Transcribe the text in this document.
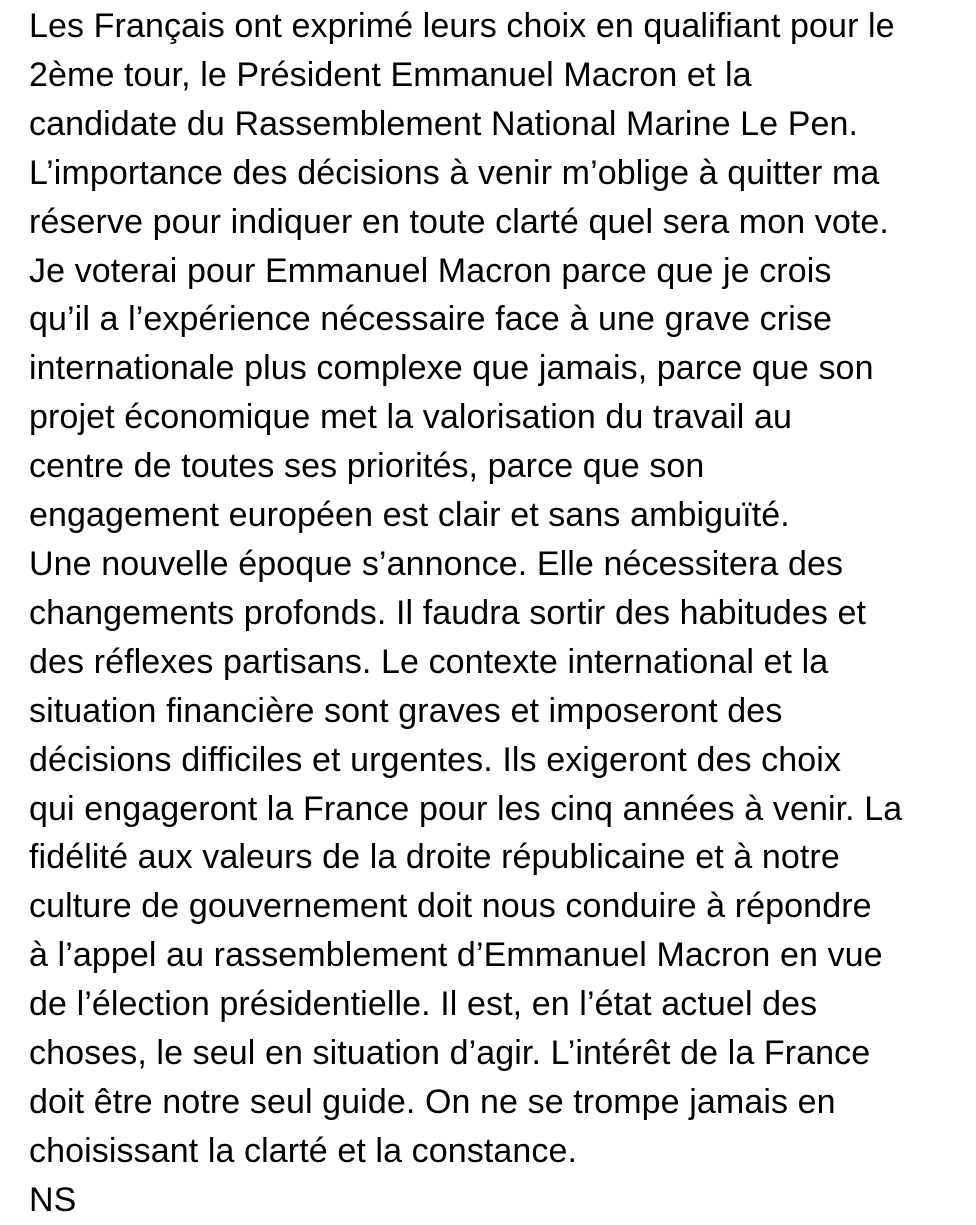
Les Français ont exprimé leurs choix en qualifiant pour le
2ème tour, le Président Emmanuel Macron et la
candidate du Rassemblement National Marine Le Pen.
L’importance des décisions à venir m’oblige à quitter ma
réserve pour indiquer en toute clarté quel sera mon vote.
Je voterai pour Emmanuel Macron parce que je crois
qu’il a l’expérience nécessaire face à une grave crise
internationale plus complexe que jamais, parce que son
projet économique met la valorisation du travail au
centre de toutes ses priorités, parce que son
engagement européen est clair et sans ambiguïté.
Une nouvelle époque s’annonce. Elle nécessitera des
changements profonds. Il faudra sortir des habitudes et
des réflexes partisans. Le contexte international et la
situation financière sont graves et imposeront des
décisions difficiles et urgentes. Ils exigeront des choix
qui engageront la France pour les cinq années à venir. La
fidélité aux valeurs de la droite républicaine et à notre
culture de gouvernement doit nous conduire à répondre
à l’appel au rassemblement d’Emmanuel Macron en vue
de l’élection présidentielle. Il est, en l’état actuel des
choses, le seul en situation d’agir. L’intérêt de la France
doit être notre seul guide. On ne se trompe jamais en
choisissant la clarté et la constance.
NS
